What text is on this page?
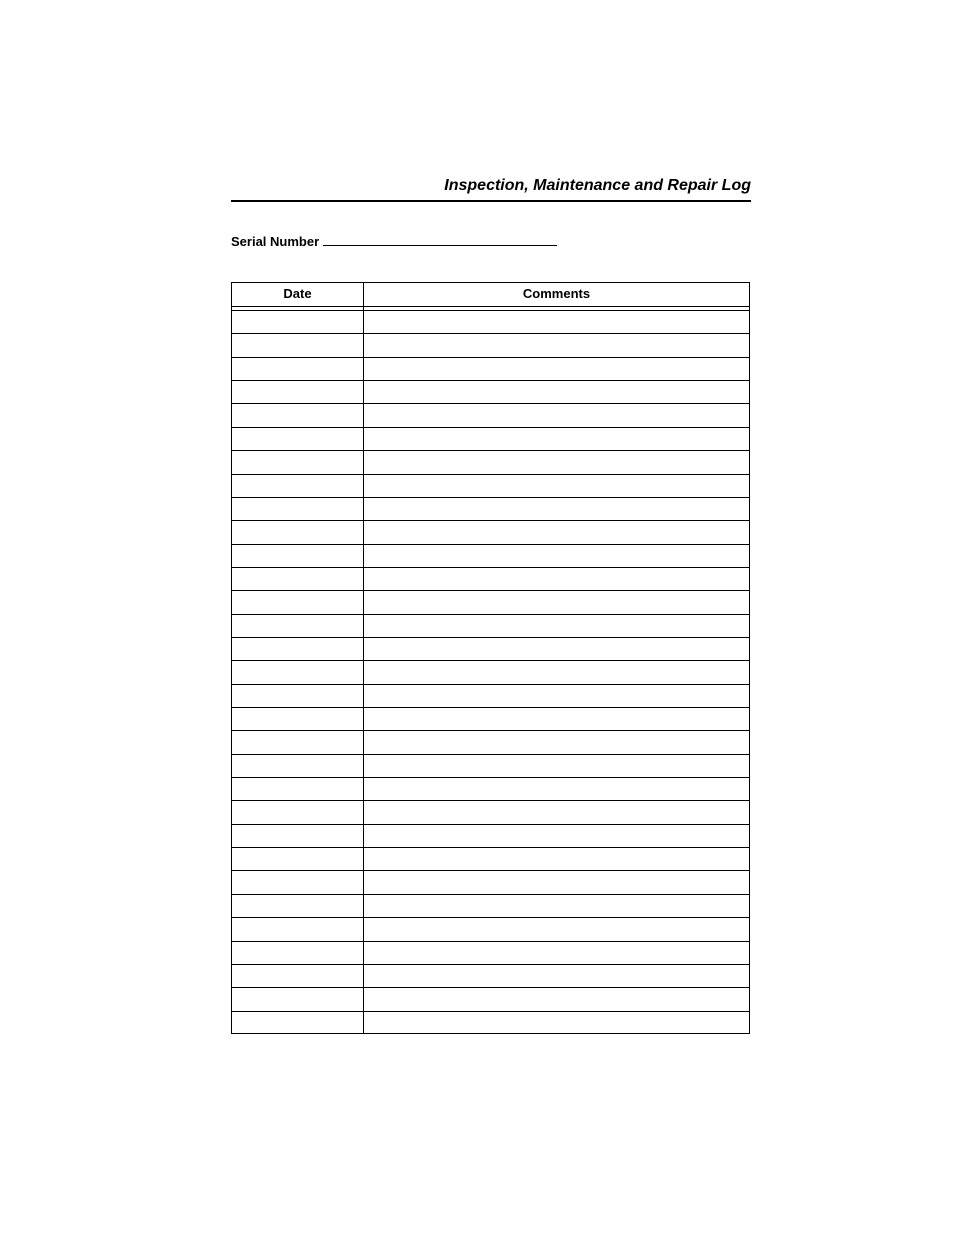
Inspection, Maintenance and Repair Log
Serial Number
Date	Comments
